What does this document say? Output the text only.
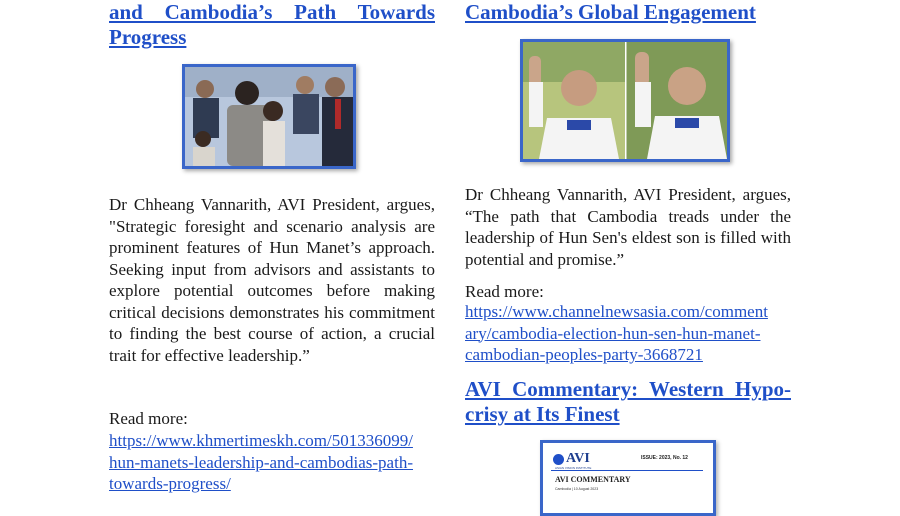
and Cambodia’s Path Towards

Progress

Dr Chheang Vannarith, AVI President, argues, "Strategic foresight and scenario analysis are prominent features of Hun Manet’s approach. Seeking input from advisors and assistants to explore potential outcomes before making critical decisions demonstrates his commitment to finding the best course of action, a crucial trait for effective leadership.”

Read more:

https://www.khmertimeskh.com/501336099/
hun-manets-leadership-and-cambodias-path-
towards-progress/

Cambodia’s Global Engagement

Dr Chheang Vannarith, AVI President, argues, “The path that Cambodia treads under the leadership of Hun Sen's eldest son is filled with potential and promise.”

Read more:

https://www.channelnewsasia.com/comment
ary/cambodia-election-hun-sen-hun-manet-
cambodian-peoples-party-3668721

AVI Commentary: Western Hypo-

crisy at Its Finest

AVI
ASIAN VISION INSTITUTE
ISSUE: 2023, No. 12
AVI COMMENTARY
Cambodia | 10 August 2023
